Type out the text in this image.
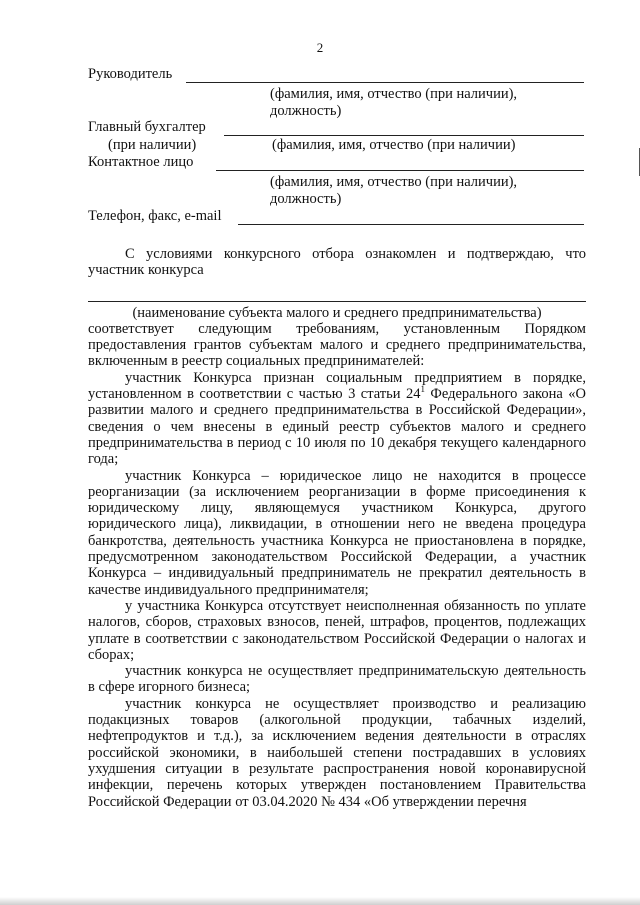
2
Руководитель
(фамилия, имя, отчество (при наличии), должность)
Главный бухгалтер
(при наличии)	(фамилия, имя, отчество (при наличии)
Контактное лицо
(фамилия, имя, отчество (при наличии), должность)
Телефон, факс, e-mail

С условиями конкурсного отбора ознакомлен и подтверждаю, что участник конкурса

(наименование субъекта малого и среднего предпринимательства)

соответствует следующим требованиям, установленным Порядком предоставления грантов субъектам малого и среднего предпринимательства, включенным в реестр социальных предпринимателей:

участник Конкурса признан социальным предприятием в порядке, установленном в соответствии с частью 3 статьи $24^1$ Федерального закона «О развитии малого и среднего предпринимательства в Российской Федерации», сведения о чем внесены в единый реестр субъектов малого и среднего предпринимательства в период с 10 июля по 10 декабря текущего календарного года;

участник Конкурса – юридическое лицо не находится в процессе реорганизации (за исключением реорганизации в форме присоединения к юридическому лицу, являющемуся участником Конкурса, другого юридического лица), ликвидации, в отношении него не введена процедура банкротства, деятельность участника Конкурса не приостановлена в порядке, предусмотренном законодательством Российской Федерации, а участник Конкурса – индивидуальный предприниматель не прекратил деятельность в качестве индивидуального предпринимателя;

у участника Конкурса отсутствует неисполненная обязанность по уплате налогов, сборов, страховых взносов, пеней, штрафов, процентов, подлежащих уплате в соответствии с законодательством Российской Федерации о налогах и сборах;

участник конкурса не осуществляет предпринимательскую деятельность в сфере игорного бизнеса;

участник конкурса не осуществляет производство и реализацию подакцизных товаров (алкогольной продукции, табачных изделий, нефтепродуктов и т.д.), за исключением ведения деятельности в отраслях российской экономики, в наибольшей степени пострадавших в условиях ухудшения ситуации в результате распространения новой коронавирусной инфекции, перечень которых утвержден постановлением Правительства Российской Федерации от 03.04.2020 № 434 «Об утверждении перечня
